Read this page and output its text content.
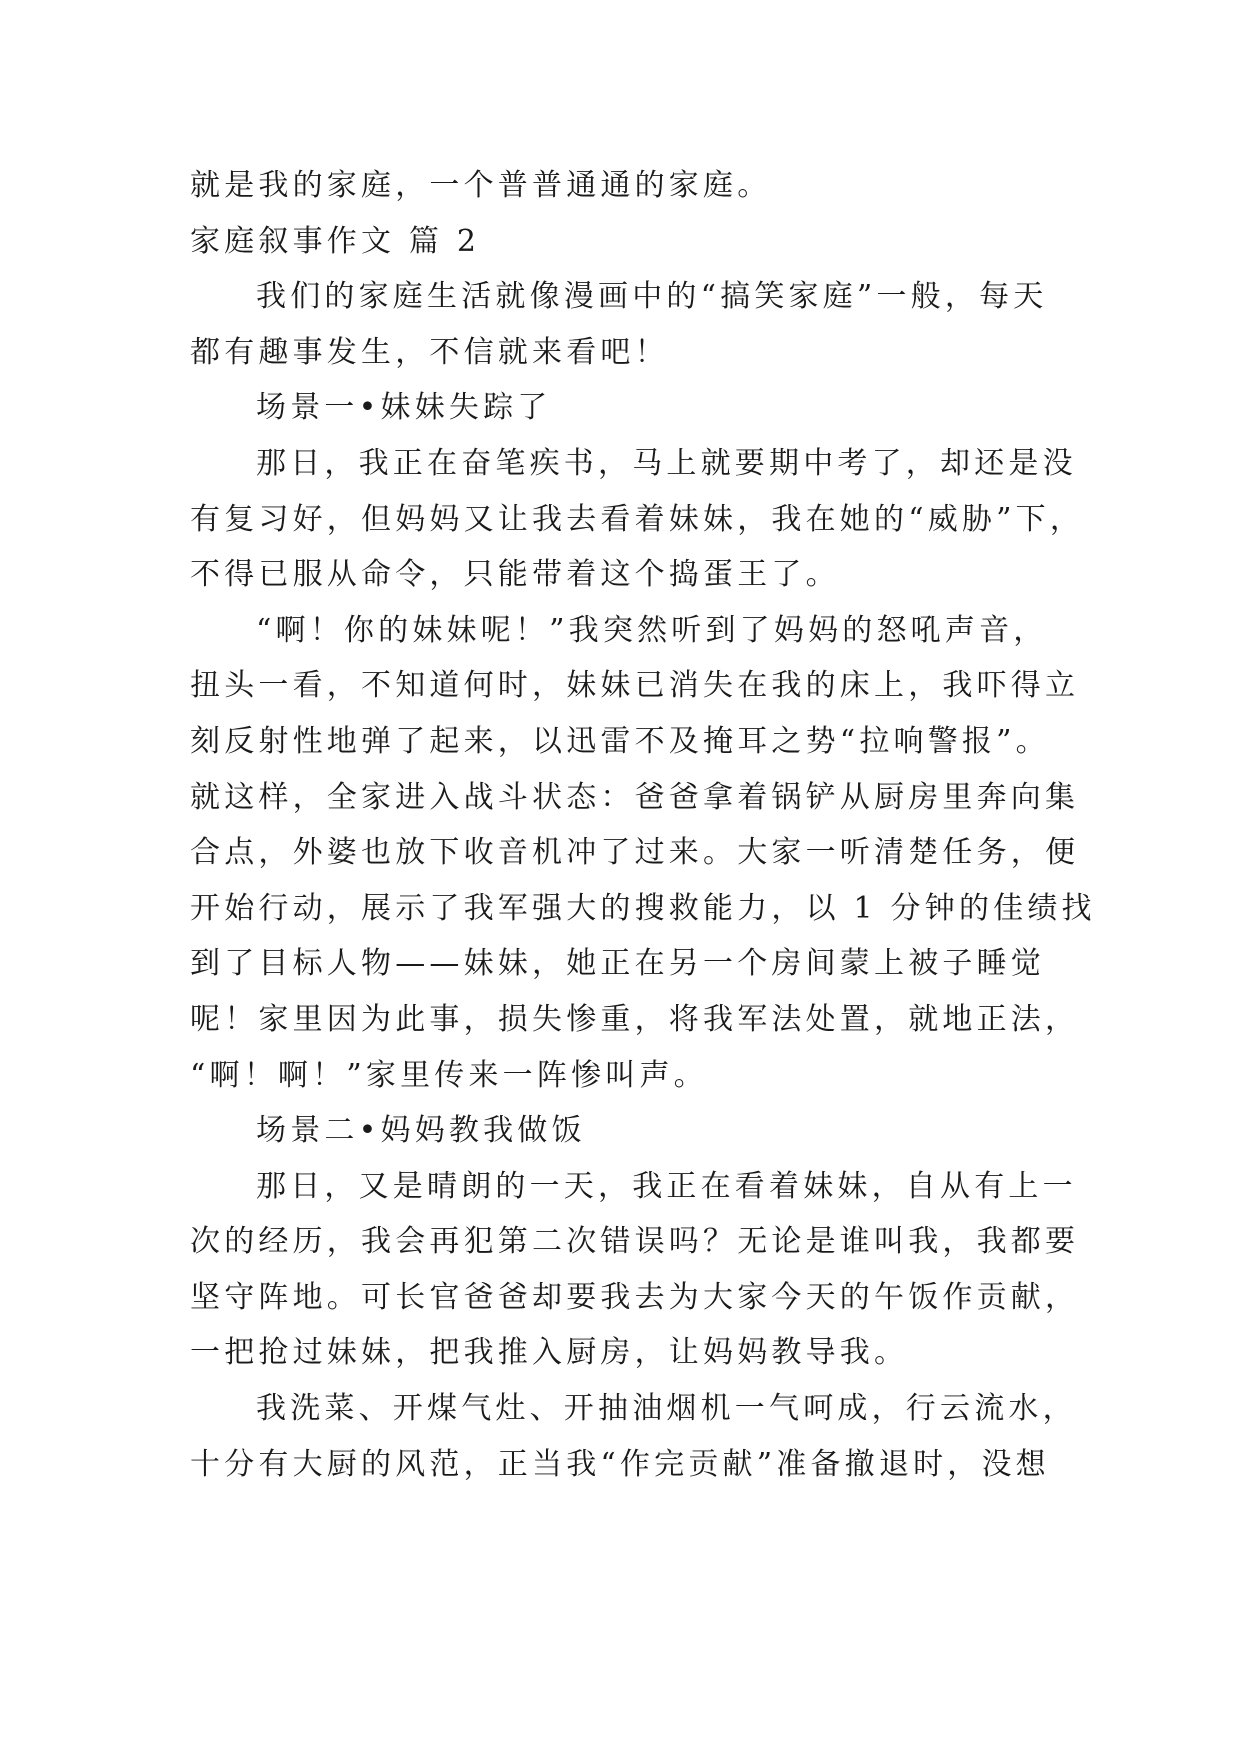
就是我的家庭，一个普普通通的家庭。
家庭叙事作文 篇 2
我们的家庭生活就像漫画中的“搞笑家庭”一般，每天
都有趣事发生，不信就来看吧！
场景一•妹妹失踪了
那日，我正在奋笔疾书，马上就要期中考了，却还是没
有复习好，但妈妈又让我去看着妹妹，我在她的“威胁”下，
不得已服从命令，只能带着这个捣蛋王了。
“啊！你的妹妹呢！”我突然听到了妈妈的怒吼声音，
扭头一看，不知道何时，妹妹已消失在我的床上，我吓得立
刻反射性地弹了起来，以迅雷不及掩耳之势“拉响警报”。
就这样，全家进入战斗状态：爸爸拿着锅铲从厨房里奔向集
合点，外婆也放下收音机冲了过来。大家一听清楚任务，便
开始行动，展示了我军强大的搜救能力，以 1 分钟的佳绩找
到了目标人物——妹妹，她正在另一个房间蒙上被子睡觉
呢！家里因为此事，损失惨重，将我军法处置，就地正法，
“啊！啊！”家里传来一阵惨叫声。
场景二•妈妈教我做饭
那日，又是晴朗的一天，我正在看着妹妹，自从有上一
次的经历，我会再犯第二次错误吗？无论是谁叫我，我都要
坚守阵地。可长官爸爸却要我去为大家今天的午饭作贡献，
一把抢过妹妹，把我推入厨房，让妈妈教导我。
我洗菜、开煤气灶、开抽油烟机一气呵成，行云流水，
十分有大厨的风范，正当我“作完贡献”准备撤退时，没想
